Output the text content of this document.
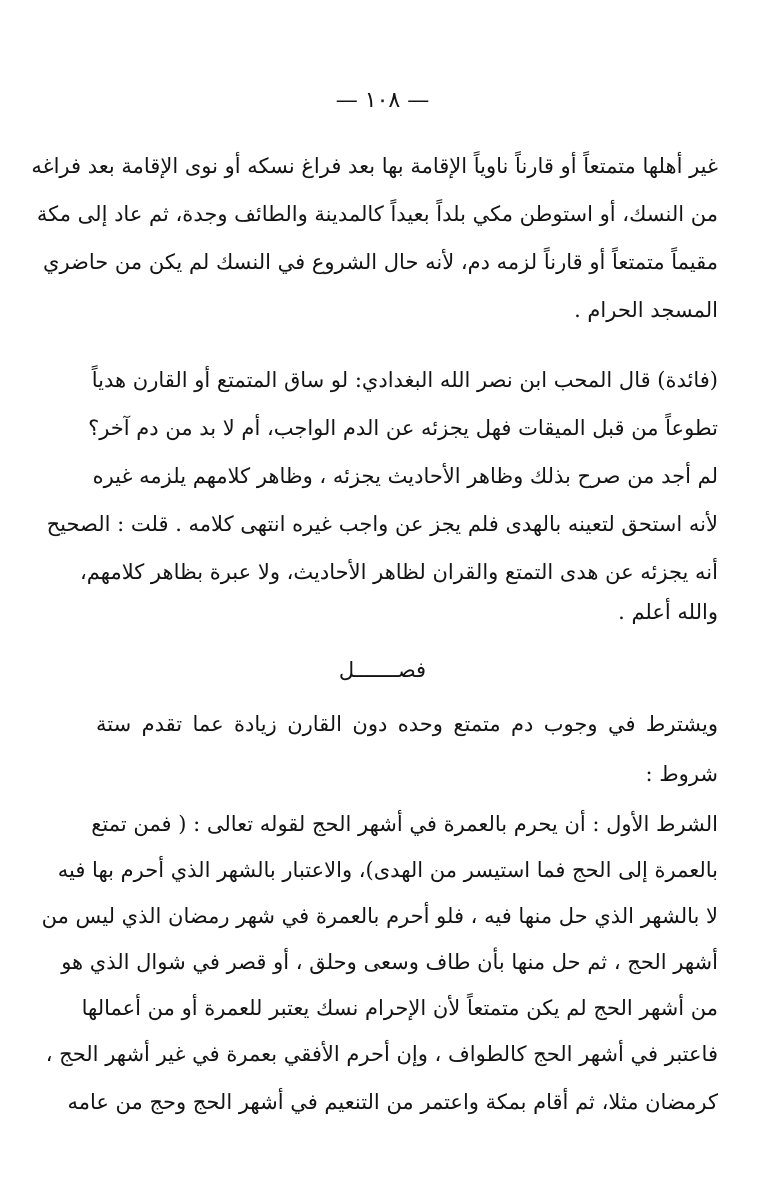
— ١٠٨ —
غير أهلها متمتعاً أو قارناً ناوياً الإقامة بها بعد فراغ نسكه أو نوى الإقامة بعد فراغه
من النسك، أو استوطن مكي بلداً بعيداً كالمدينة والطائف وجدة، ثم عاد إلى مكة
مقيماً متمتعاً أو قارناً لزمه دم، لأنه حال الشروع في النسك لم يكن من حاضري
المسجد الحرام .
(فائدة) قال المحب ابن نصر الله البغدادي: لو ساق المتمتع أو القارن هدياً
تطوعاً من قبل الميقات فهل يجزئه عن الدم الواجب، أم لا بد من دم آخر؟
لم أجد من صرح بذلك وظاهر الأحاديث يجزئه ، وظاهر كلامهم يلزمه غيره
لأنه استحق لتعينه بالهدى فلم يجز عن واجب غيره انتهى كلامه . قلت : الصحيح
أنه يجزئه عن هدى التمتع والقران لظاهر الأحاديث، ولا عبرة بظاهر كلامهم،
والله أعلم .
فصـــــــل
ويشترط في وجوب دم متمتع وحده دون القارن زيادة عما تقدم ستة
شروط :
الشرط الأول : أن يحرم بالعمرة في أشهر الحج لقوله تعالى : ( فمن تمتع
بالعمرة إلى الحج فما استيسر من الهدى)، والاعتبار بالشهر الذي أحرم بها فيه
لا بالشهر الذي حل منها فيه ، فلو أحرم بالعمرة في شهر رمضان الذي ليس من
أشهر الحج ، ثم حل منها بأن طاف وسعى وحلق ، أو قصر في شوال الذي هو
من أشهر الحج لم يكن متمتعاً لأن الإحرام نسك يعتبر للعمرة أو من أعمالها
فاعتبر في أشهر الحج كالطواف ، وإن أحرم الأفقي بعمرة في غير أشهر الحج ،
كرمضان مثلا، ثم أقام بمكة واعتمر من التنعيم في أشهر الحج وحج من عامه
